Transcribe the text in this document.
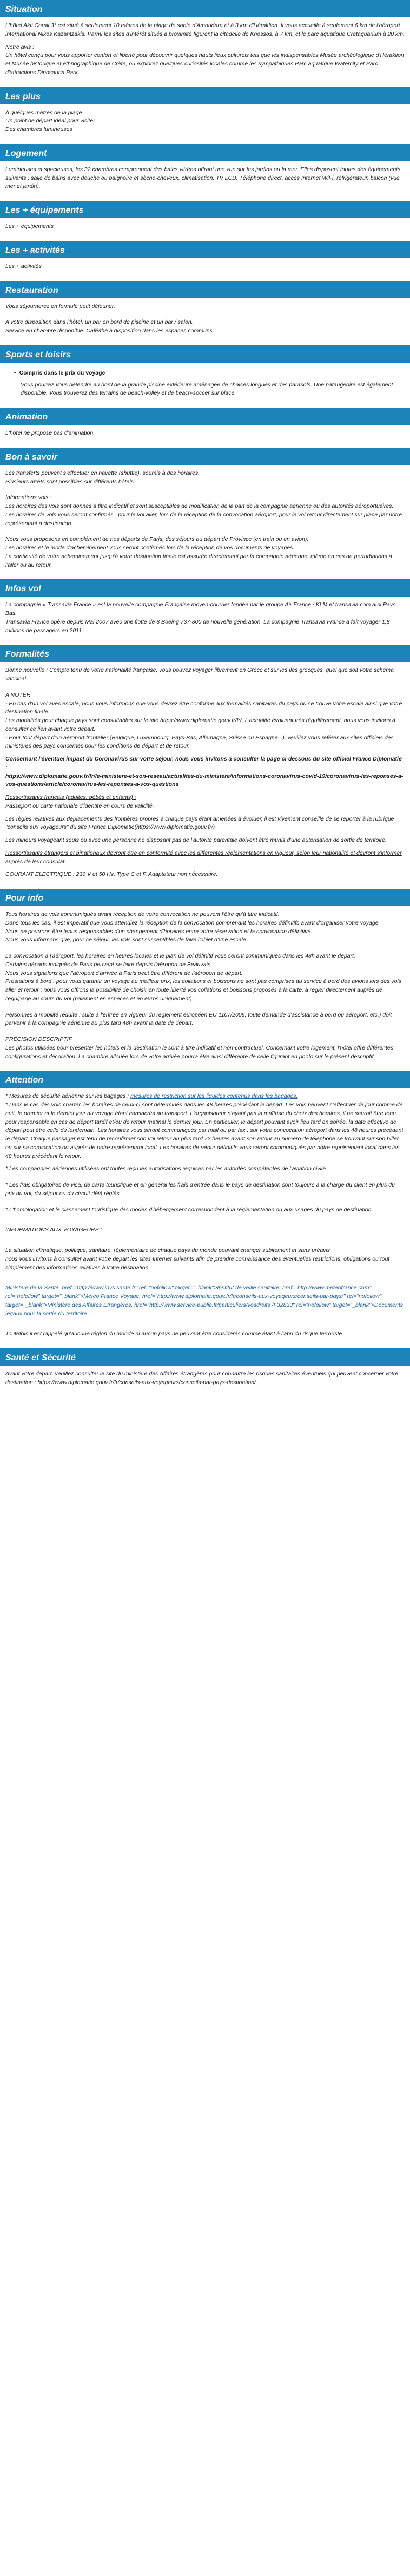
Situation

L'hôtel Akti Corali 3* est situé à seulement 10 mètres de la plage de sable d'Amoudara et à 3 km d'Héraklion. Il vous accueille à seulement 6 km de l'aéroport international Nikos Kazantzakis. Parmi les sites d'intérêt situés à proximité figurent la citadelle de Knossos, à 7 km, et le parc aquatique Cretaquarium à 20 km.

Notre avis :

Un hôtel conçu pour vous apporter confort et liberté pour découvrir quelques hauts lieux culturels tels que les indispensables Musée archéologique d'Héraklion et Musée historique et ethnographique de Crète, ou explorez quelques curiosités locales comme les sympathiques Parc aquatique Watercity et Parc d'attractions Dinosauria Park.

Les plus

A quelques mètres de la plage

Un point de départ idéal pour visiter

Des chambres lumineuses

Logement

Lumineuses et spacieuses, les 32 chambres comprennent des baies vitrées offrant une vue sur les jardins ou la mer. Elles disposent toutes des équipements suivants : salle de bains avec douche ou baignoire et sèche-cheveux, climatisation, TV LCD, Téléphone direct, accès Internet WiFi, réfrigérateur, balcon (vue mer et jardin).

Les + équipements

Les + équipements

Les + activités

Les + activités

Restauration

Vous séjournerez en formule petit déjeuner.

A votre disposition dans l'hôtel, un bar en bord de piscine et un bar / salon.

Service en chambre disponible. Café/thé à disposition dans les espaces communs.

Sports et loisirs

• Compris dans le prix du voyage

Vous pourrez vous détendre au bord de la grande piscine extérieure aménagée de chaises longues et des parasols. Une pataugeoire est également disponible. Vous trouverez des terrains de beach-volley et de beach-soccer sur place.

Animation

L'hôtel ne propose pas d'animation.

Bon à savoir

Les transferts peuvent s'effectuer en navette (shuttle), soumis à des horaires.

Plusieurs arrêts sont possibles sur différents hôtels.

Informations vols :

Les horaires des vols sont donnés à titre indicatif et sont susceptibles de modification de la part de la compagnie aérienne ou des autorités aéroportuaires.

Les horaires de vols vous seront confirmés : pour le vol aller, lors de la réception de la convocation aéroport, pour le vol retour directement sur place par notre représentant à destination.

Nous vous proposons en complément de nos départs de Paris, des séjours au départ de Province (en train ou en avion).

Les horaires et le mode d'acheminement vous seront confirmés lors de la réception de vos documents de voyages.

La continuité de votre acheminement jusqu'à votre destination finale est assurée directement par la compagnie aérienne, même en cas de perturbations à l'aller ou au retour.

Infos vol

La compagnie « Transavia France » est la nouvelle compagnie Française moyen-courrier fondée par le groupe Air France / KLM et transavia.com aux Pays Bas.

Transavia France opère depuis Mai 2007 avec une flotte de 8 Boeing 737-800 de nouvelle génération. La compagnie Transavia France a fait voyager 1,8 millions de passagers en 2011.

Formalités

Bonne nouvelle : Compte tenu de votre nationalité française, vous pouvez voyager librement en Grèce et sur les îles grecques, quel que soit votre schéma vaccinal.

A NOTER

- En cas d'un vol avec escale, nous vous informons que vous devrez être conforme aux formalités sanitaires du pays où se trouve votre escale ainsi que votre destination finale.

Les modalités pour chaque pays sont consultables sur le site https://www.diplomatie.gouv.fr/fr/. L'actualité évoluant très régulièrement, nous vous invitons à consulter ce lien avant votre départ.

- Pour tout départ d'un aéroport frontalier (Belgique, Luxembourg, Pays-Bas, Allemagne, Suisse ou Espagne...), veuillez vous référer aux sites officiels des ministères des pays concernés pour les conditions de départ et de retour.

Concernant l'éventuel impact du Coronavirus sur votre séjour, nous vous invitons à consulter la page ci-dessous du site officiel France Diplomatie :

https://www.diplomatie.gouv.fr/fr/le-ministere-et-son-reseau/actualites-du-ministere/informations-coronavirus-covid-19/coronavirus-les-reponses-a-vos-questions/article/coronavirus-les-reponses-a-vos-questions

Ressortissants français (adultes, bébés et enfants) :

Passeport ou carte nationale d'identité en cours de validité.

Les règles relatives aux déplacements des frontières propres à chaque pays étant amenées à évoluer, il est vivement conseillé de se reporter à la rubrique "conseils aux voyageurs" du site France Diplomatie(https://www.diplomatie.gouv.fr/)

Les mineurs voyageant seuls ou avec une personne ne disposant pas de l'autorité parentale doivent être munis d'une autorisation de sortie de territoire.

Ressortissants étrangers et binationaux devront être en conformité avec les différentes réglementations en vigueur, selon leur nationalité et devront s'informer auprès de leur consulat.

COURANT ELECTRIQUE : 230 V et 50 Hz. Type C et F. Adaptateur non nécessaire.

Pour info

Tous horaires de vols communiqués avant réception de votre convocation ne peuvent l'être qu'à titre indicatif.

Dans tous les cas, il est impératif que vous attendiez la réception de la convocation comprenant les horaires définitifs avant d'organiser votre voyage.

Nous ne pourrons être tenus responsables d'un changement d'horaires entre votre réservation et la convocation définitive.

Nous vous informons que, pour ce séjour, les vols sont susceptibles de faire l'objet d'une escale.

La convocation à l'aéroport, les horaires en heures locales et le plan de vol définitif vous seront communiqués dans les 48h avant le départ.

Certains départs indiqués de Paris peuvent se faire depuis l'aéroport de Beauvais.

Nous vous signalons que l'aéroport d'arrivée à Paris peut être différent de l'aéroport de départ.

Prestations à bord : pour vous garantir un voyage au meilleur prix, les collations et boissons ne sont pas comprises au service à bord des avions lors des vols aller et retour ; nous vous offrons la possibilité de choisir en toute liberté vos collations et boissons proposés à la carte, à régler directement auprès de l'équipage au cours du vol (paiement en espèces et en euros uniquement).

Personnes à mobilité réduite : suite à l'entrée en vigueur du règlement européen EU 1107/2006, toute demande d'assistance à bord ou aéroport, etc.) doit parvenir à la compagnie aérienne au plus tard 48h avant la date de départ.

PRÉCISION DESCRIPTIF

Les photos utilisées pour présenter les hôtels et la destination le sont à titre indicatif et non-contractuel. Concernant votre logement, l'hôtel offre différentes configurations et décoration. La chambre allouée lors de votre arrivée pourra être ainsi différente de celle figurant en photo sur le présent descriptif.

Attention

* Mesures de sécurité aérienne sur les bagages : mesures de restriction sur les liquides contenus dans les bagages.

* Dans le cas des vols charter, les horaires de ceux-ci sont déterminés dans les 48 heures précédant le départ. Les vols peuvent s'effectuer de jour comme de nuit, le premier et le dernier jour du voyage étant consacrés au transport. L'organisateur n'ayant pas la maîtrise du choix des horaires, il ne saurait être tenu pour responsable en cas de départ tardif et/ou de retour matinal le dernier jour. En particulier, le départ pouvant avoir lieu tard en soirée, la date effective de départ peut être celle du lendemain. Les horaires vous seront communiqués par mail ou par fax ; sur votre convocation aéroport dans les 48 heures précédant le départ. Chaque passager est tenu de reconfirmer son vol retour au plus tard 72 heures avant son retour au numéro de téléphone se trouvant sur son billet ou sur sa convocation ou auprès de notre représentant local. Les horaires de retour définitifs vous seront communiqués par notre représentant local dans les 48 heures précédant le retour.

* Les compagnies aériennes utilisées ont toutes reçu les autorisations requises par les autorités compétentes de l'aviation civile.

* Les frais obligatoires de visa, de carte touristique et en général les frais d'entrée dans le pays de destination sont toujours à la charge du client en plus du prix du vol, du séjour ou du circuit déjà réglés.

* L'homologation et le classement touristique des modes d'hébergement correspondent à la réglementation ou aux usages du pays de destination.

INFORMATIONS AUX VOYAGEURS :

La situation climatique, politique, sanitaire, réglementaire de chaque pays du monde pouvant changer subitement et sans préavis

nous vous invitons à consulter avant votre départ les sites Internet suivants afin de prendre connaissance des éventuelles restrictions, obligations ou tout simplement des informations relatives à votre destination.

Ministère de la Santé, href="http://www.invs.sante.fr" rel="nofollow" target="_blank">Institut de veille sanitaire, href="http://www.meteofrance.com" rel="nofollow" target="_blank">Météo France Voyage, href="http://www.diplomatie.gouv.fr/fr/conseils-aux-voyageurs/conseils-par-pays/" rel="nofollow" target="_blank">Ministère des Affaires Étrangères, href="http://www.service-public.fr/particuliers/vosdroits /F32833" rel="nofollow" target="_blank">Documents légaux pour la sortie du territoire.

Toutefois il est rappelé qu'aucune région du monde ni aucun pays ne peuvent être considérés comme étant à l'abri du risque terroriste.

Santé et Sécurité

Avant votre départ, veuillez consulter le site du ministère des Affaires étrangères pour connaître les risques sanitaires éventuels qui peuvent concerner votre destination : https://www.diplomatie.gouv.fr/fr/conseils-aux-voyageurs/conseils-par-pays-destination/
